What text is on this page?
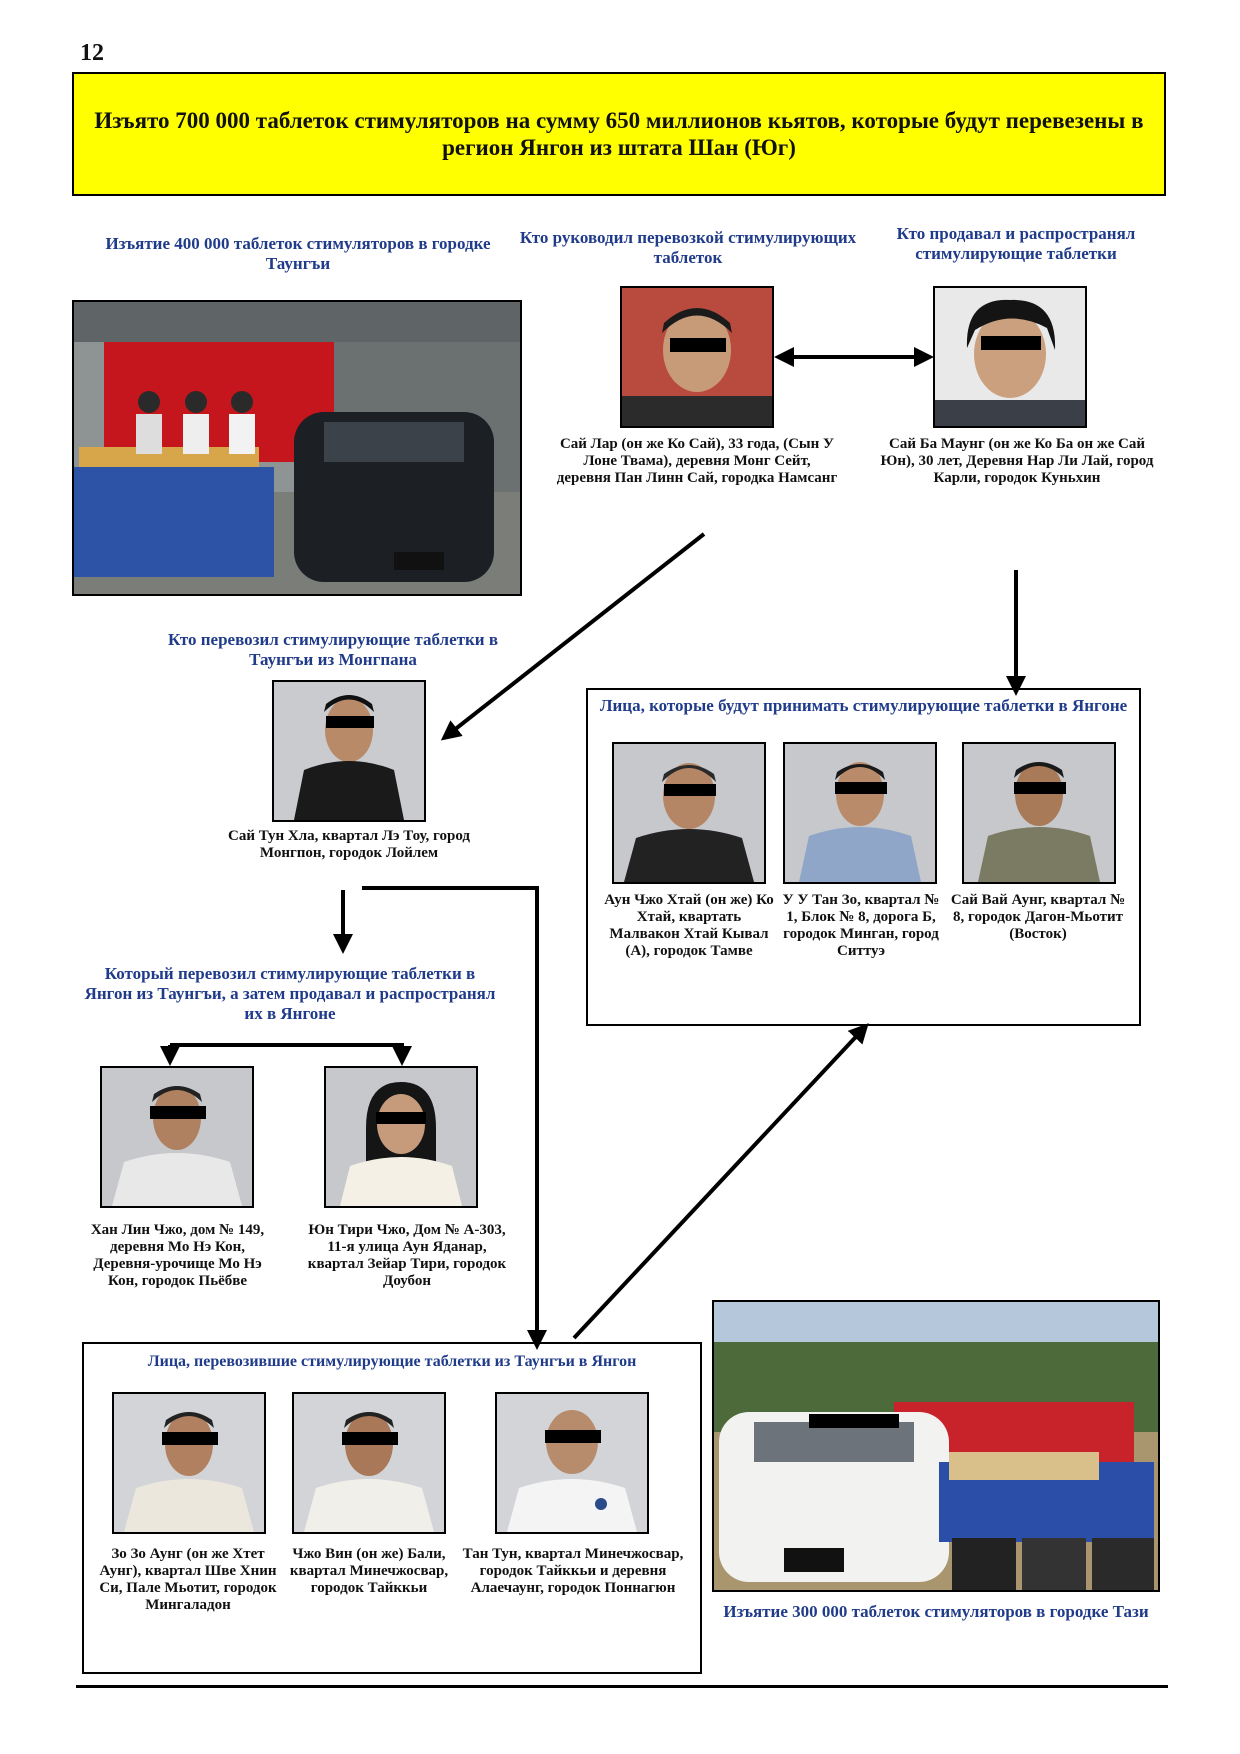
12
Изъято 700 000 таблеток стимуляторов на сумму 650 миллионов кьятов, которые будут перевезены в регион Янгон из штата Шан (Юг)
Изъятие 400 000 таблеток стимуляторов в городке Таунгъи
Кто руководил перевозкой стимулирующих таблеток
Сай Лар (он же Ко Сай), 33 года, (Сын У Лоне Твама), деревня Монг Сейт, деревня Пан Линн Сай, городка Намсанг
Кто продавал и распространял стимулирующие таблетки
Сай Ба Маунг (он же Ко Ба он же Сай Юн), 30 лет, Деревня Нар Ли Лай, город Карли, городок Куньхин
Кто перевозил стимулирующие таблетки в Таунгъи из Монгпана
Сай Тун Хла, квартал Лэ Тоу, город Монгпон, городок Лойлем
Лица, которые будут принимать стимулирующие таблетки в Янгоне
Аун Чжо Хтай (он же) Ко Хтай, квартать Малвакон Хтай Кывал (A), городок Тамве
У У Тан Зо, квартал № 1, Блок № 8, дорога Б, городок Минган, город Ситтуэ
Сай Вай Аунг, квартал № 8, городок Дагон-Мьотит (Восток)
Который перевозил стимулирующие таблетки в Янгон из Таунгъи, а затем продавал и распространял их в Янгоне
Хан Лин Чжо, дом № 149, деревня Мо Нэ Кон, Деревня-урочище Мо Нэ Кон, городок Пьёбве
Юн Тири Чжо, Дом № A-303, 11-я улица Аун Яданар, квартал Зейар Тири, городок Доубон
Лица, перевозившие стимулирующие таблетки из Таунгъи в Янгон
Зо Зо Аунг (он же Хтет Аунг), квартал Шве Хнин Си, Пале Мьотит, городок Мингаладон
Чжо Вин (он же) Бали, квартал Минечжосвар, городок Тайккьи
Тан Тун, квартал Минечжосвар, городок Тайккьи и деревня Алаечаунг, городок Поннагюн
Изъятие 300 000 таблеток стимуляторов в городке Тази
